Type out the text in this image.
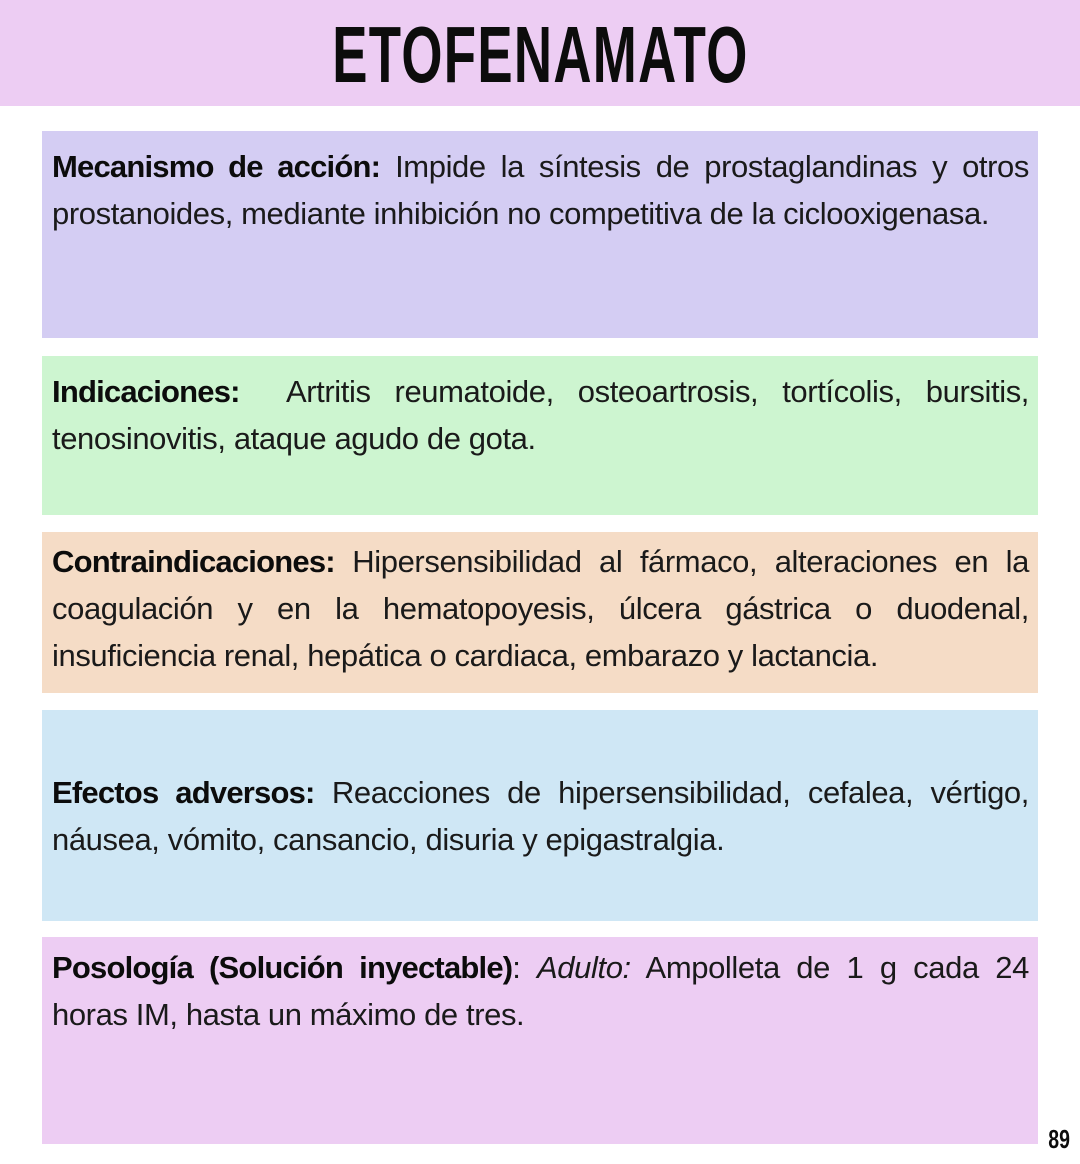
ETOFENAMATO
Mecanismo de acción: Impide la síntesis de prostaglandinas y otros prostanoides, mediante inhibición no competitiva de la ciclooxigenasa.
Indicaciones: Artritis reumatoide, osteoartrosis, tortícolis, bursitis, tenosinovitis, ataque agudo de gota.
Contraindicaciones: Hipersensibilidad al fármaco, alteraciones en la coagulación y en la hematopoyesis, úlcera gástrica o duodenal, insuficiencia renal, hepática o cardiaca, embarazo y lactancia.
Efectos adversos: Reacciones de hipersensibilidad, cefalea, vértigo, náusea, vómito, cansancio, disuria y epigastralgia.
Posología (Solución inyectable): Adulto: Ampolleta de 1 g cada 24 horas IM, hasta un máximo de tres.
89
